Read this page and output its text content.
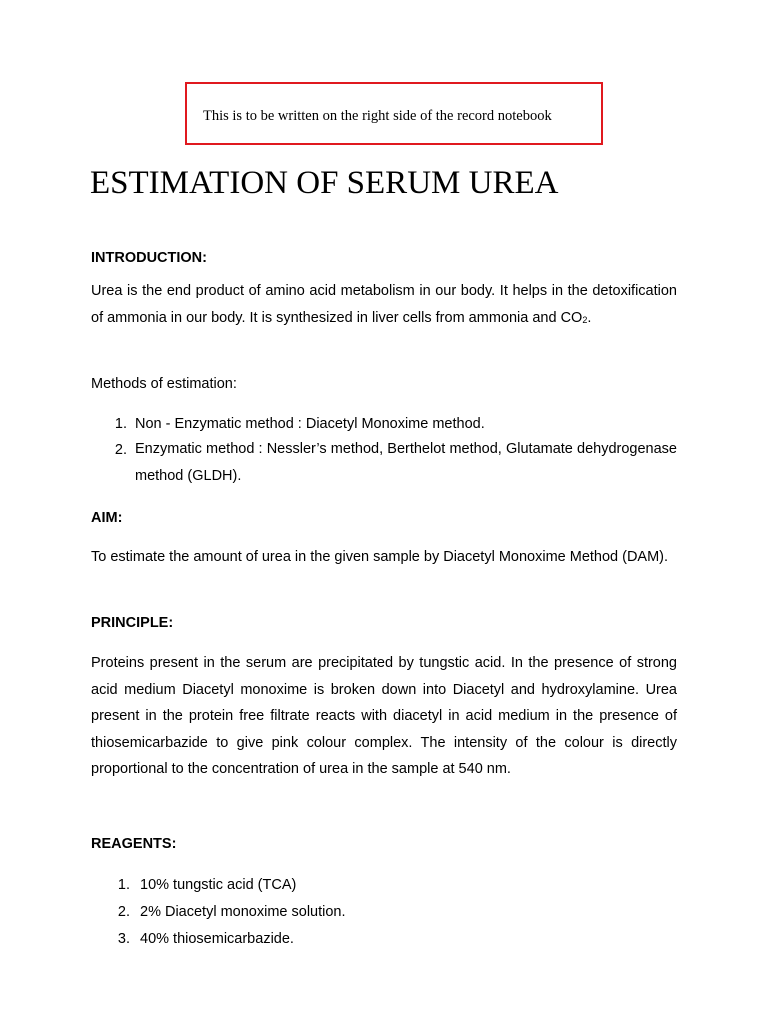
This is to be written on the right side of the record notebook
ESTIMATION OF SERUM UREA
INTRODUCTION:

Urea is the end product of amino acid metabolism in our body. It helps in the detoxification of ammonia in our body. It is synthesized in liver cells from ammonia and $CO_2$.

Methods of estimation:

1. Non - Enzymatic method : Diacetyl Monoxime method.
2. Enzymatic method : Nessler’s method, Berthelot method, Glutamate dehydrogenase method (GLDH).
AIM:

To estimate the amount of urea in the given sample by Diacetyl Monoxime Method (DAM).

PRINCIPLE:

Proteins present in the serum are precipitated by tungstic acid. In the presence of strong acid medium Diacetyl monoxime is broken down into Diacetyl and hydroxylamine. Urea present in the protein free filtrate reacts with diacetyl in acid medium in the presence of thiosemicarbazide to give pink colour complex. The intensity of the colour is directly proportional to the concentration of urea in the sample at 540 nm.

REAGENTS:
1. 10% tungstic acid (TCA)
2. 2% Diacetyl monoxime solution.
3. 40% thiosemicarbazide.
